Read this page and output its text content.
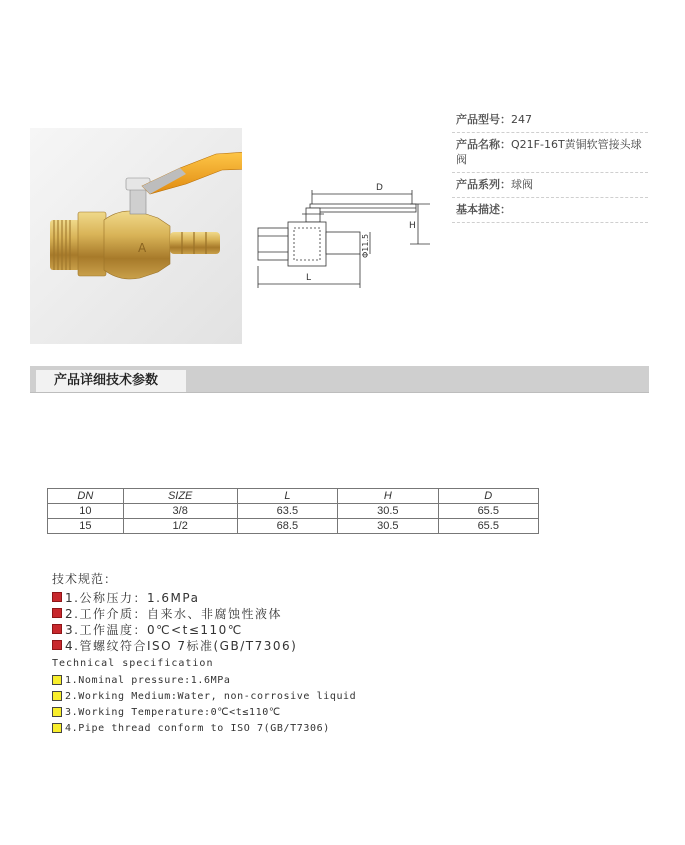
A
D
H
Φ11.5
L
产品型号：247
产品名称：Q21F-16T黄铜软管接头球阀
产品系列：球阀
基本描述：
产品详细技术参数
DN	SIZE	L	H	D
10	3/8	63.5	30.5	65.5
15	1/2	68.5	30.5	65.5
技术规范：
1.公称压力：1.6MPa
2.工作介质：自来水、非腐蚀性液体
3.工作温度：0℃<t≤110℃
4.管螺纹符合ISO 7标准(GB/T7306)
Technical specification
1.Nominal pressure:1.6MPa
2.Working Medium:Water, non-corrosive liquid
3.Working Temperature:0℃<t≤110℃
4.Pipe thread conform to ISO 7(GB/T7306)
